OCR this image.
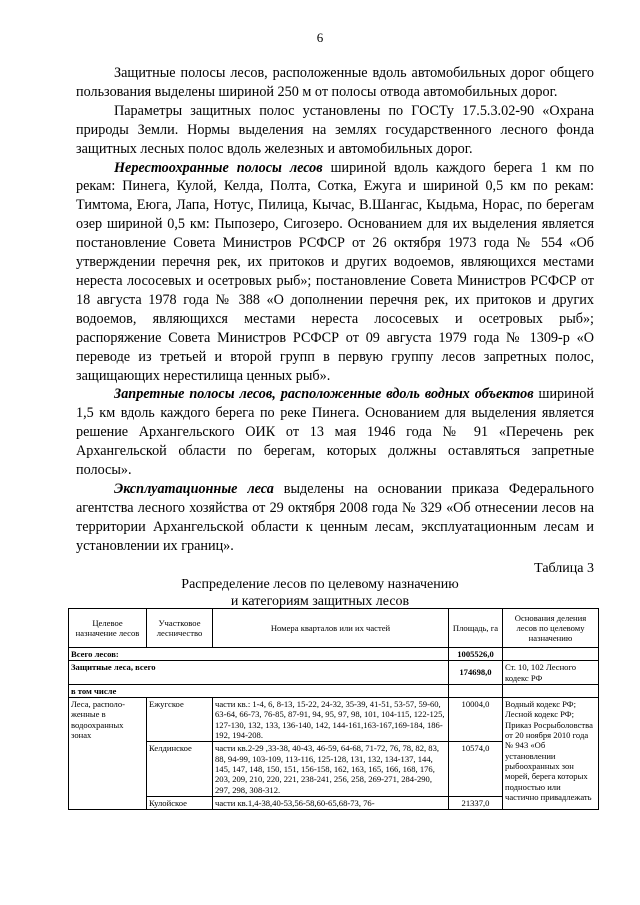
6

Защитные полосы лесов, расположенные вдоль автомобильных дорог общего пользования выделены шириной 250 м от полосы отвода автомобильных дорог.

Параметры защитных полос установлены по ГОСТу 17.5.3.02-90 «Охрана природы Земли. Нормы выделения на землях государственного лесного фонда защитных лесных полос вдоль железных и автомобильных дорог.

Нерестоохранные полосы лесов шириной вдоль каждого берега 1 км по рекам: Пинега, Кулой, Келда, Полта, Сотка, Ежуга и шириной 0,5 км по рекам: Тимтома, Еюга, Лапа, Нотус, Пилица, Кычас, В.Шангас, Кыдьма, Норас, по берегам озер шириной 0,5 км: Пыпозеро, Сигозеро. Основанием для их выделения является постановление Совета Министров РСФСР от 26 октября 1973 года № 554 «Об утверждении перечня рек, их притоков и других водоемов, являющихся местами нереста лососевых и осетровых рыб»; постановление Совета Министров РСФСР от 18 августа 1978 года № 388 «О дополнении перечня рек, их притоков и других водоемов, являющихся местами нереста лососевых и осетровых рыб»; распоряжение Совета Министров РСФСР от 09 августа 1979 года № 1309-р «О переводе из третьей и второй групп в первую группу лесов запретных полос, защищающих нерестилища ценных рыб».

Запретные полосы лесов, расположенные вдоль водных объектов шириной 1,5 км вдоль каждого берега по реке Пинега. Основанием для выделения является решение Архангельского ОИК от 13 мая 1946 года № 91 «Перечень рек Архангельской области по берегам, которых должны оставляться запретные полосы».

Эксплуатационные леса выделены на основании приказа Федерального агентства лесного хозяйства от 29 октября 2008 года № 329 «Об отнесении лесов на территории Архангельской области к ценным лесам, эксплуатационным лесам и установлении их границ».

Таблица 3
Распределение лесов по целевому назначению
и категориям защитных лесов
Целевое назначение лесов	Участковое лесничество	Номера кварталов или их частей	Площадь, га	Основания деления лесов по целевому назначению
Всего лесов:			1005526,0	
Защитные леса, всего			174698,0	Ст. 10, 102 Лесного кодекс РФ
в том числе				
Леса, располо-женные в водоохранных зонах	Ежугское	части кв.: 1-4, 6, 8-13, 15-22, 24-32, 35-39, 41-51, 53-57, 59-60, 63-64, 66-73, 76-85, 87-91, 94, 95, 97, 98, 101, 104-115, 122-125, 127-130, 132, 133, 136-140, 142, 144-161,163-167,169-184, 186-192, 194-208.	10004,0	Водный кодекс РФ; Лесной кодекс РФ; Приказ Росрыболовства от 20 ноября 2010 года № 943 «Об установлении рыбоохранных зон морей, берега которых подностью или частично привадлежать
	Келдинское	части кв.2-29 ,33-38, 40-43, 46-59, 64-68, 71-72, 76, 78, 82, 83, 88, 94-99, 103-109, 113-116, 125-128, 131, 132, 134-137, 144, 145, 147, 148, 150, 151, 156-158, 162, 163, 165, 166, 168, 176, 203, 209, 210, 220, 221, 238-241, 256, 258, 269-271, 284-290, 297, 298, 308-312.	10574,0	
	Кулойское	части кв.1,4-38,40-53,56-58,60-65,68-73, 76-	21337,0	
